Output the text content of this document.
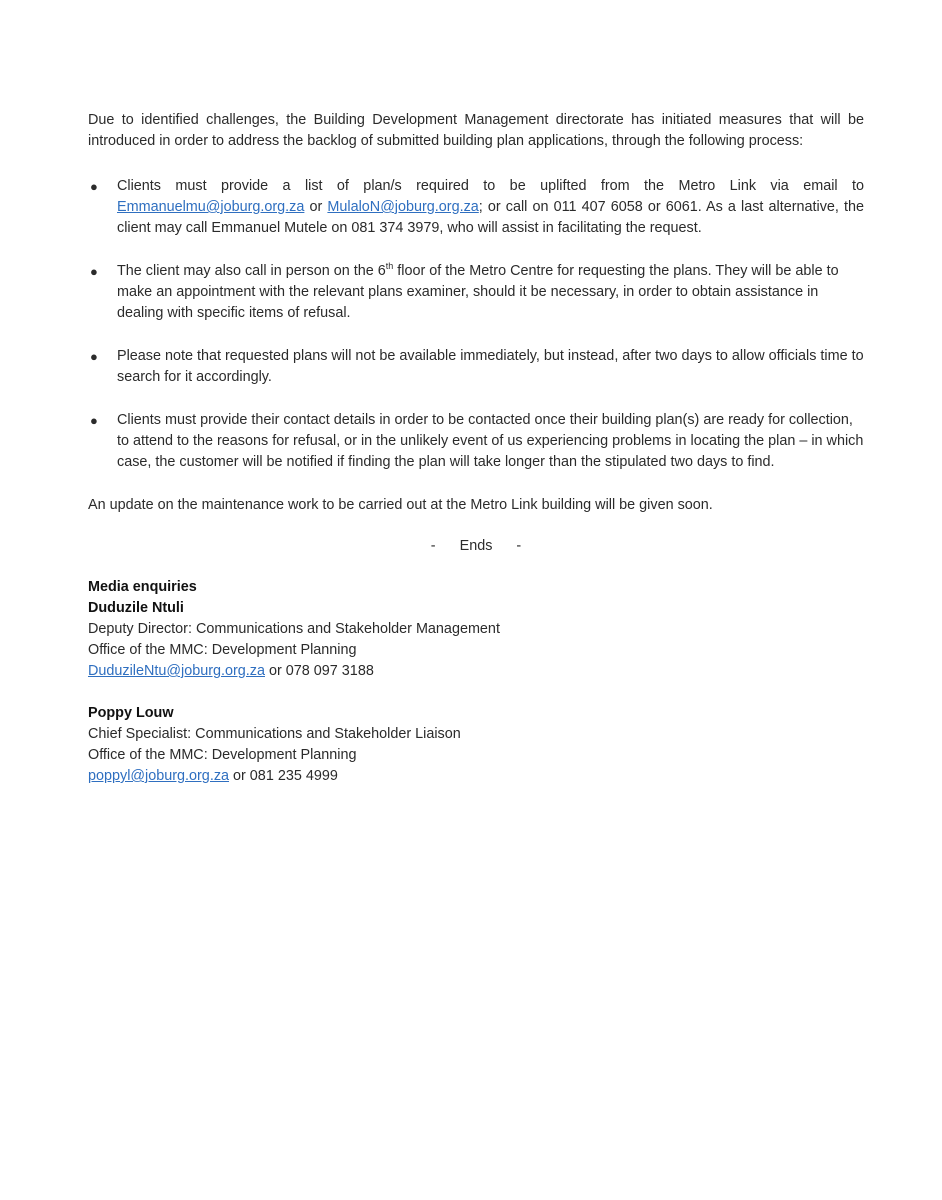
Due to identified challenges, the Building Development Management directorate has initiated measures that will be introduced in order to address the backlog of submitted building plan applications, through the following process:

● Clients must provide a list of plan/s required to be uplifted from the Metro Link via email to Emmanuelmu@joburg.org.za or MulaloN@joburg.org.za; or call on 011 407 6058 or 6061. As a last alternative, the client may call Emmanuel Mutele on 081 374 3979, who will assist in facilitating the request.
● The client may also call in person on the 6th floor of the Metro Centre for requesting the plans. They will be able to make an appointment with the relevant plans examiner, should it be necessary, in order to obtain assistance in dealing with specific items of refusal.
● Please note that requested plans will not be available immediately, but instead, after two days to allow officials time to search for it accordingly.
● Clients must provide their contact details in order to be contacted once their building plan(s) are ready for collection, to attend to the reasons for refusal, or in the unlikely event of us experiencing problems in locating the plan – in which case, the customer will be notified if finding the plan will take longer than the stipulated two days to find.

An update on the maintenance work to be carried out at the Metro Link building will be given soon.

- Ends -

Media enquiries

Duduzile Ntuli

Deputy Director: Communications and Stakeholder Management

Office of the MMC: Development Planning

DuduzileNtu@joburg.org.za or 078 097 3188

Poppy Louw

Chief Specialist: Communications and Stakeholder Liaison

Office of the MMC: Development Planning

poppyl@joburg.org.za or 081 235 4999
